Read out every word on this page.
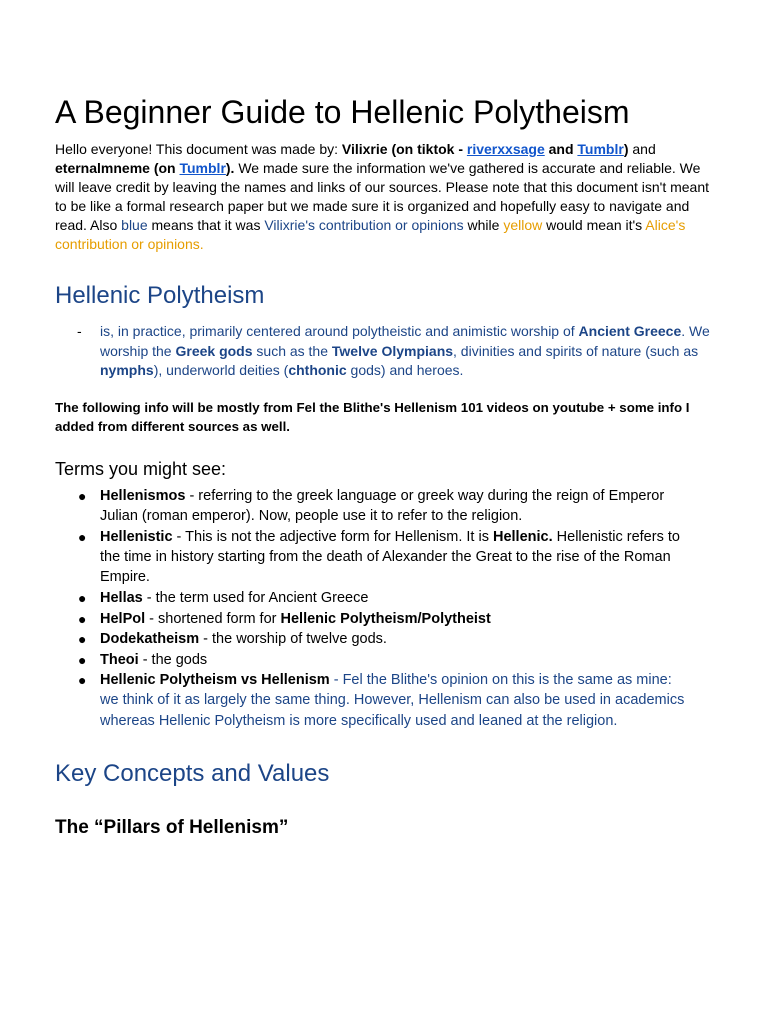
A Beginner Guide to Hellenic Polytheism
Hello everyone! This document was made by: Vilixrie (on tiktok - riverxxsage and Tumblr) and
eternalmneme (on Tumblr). We made sure the information we've gathered is accurate and reliable. We
will leave credit by leaving the names and links of our sources. Please note that this document isn't meant
to be like a formal research paper but we made sure it is organized and hopefully easy to navigate and
read. Also blue means that it was Vilixrie's contribution or opinions while yellow would mean it's Alice's
contribution or opinions.
Hellenic Polytheism
- is, in practice, primarily centered around polytheistic and animistic worship of Ancient Greece. We
worship the Greek gods such as the Twelve Olympians, divinities and spirits of nature (such as
nymphs), underworld deities (chthonic gods) and heroes.
The following info will be mostly from Fel the Blithe's Hellenism 101 videos on youtube + some info I
added from different sources as well.
Terms you might see:
● Hellenismos - referring to the greek language or greek way during the reign of Emperor
Julian (roman emperor). Now, people use it to refer to the religion.
● Hellenistic - This is not the adjective form for Hellenism. It is Hellenic. Hellenistic refers to
the time in history starting from the death of Alexander the Great to the rise of the Roman
Empire.
● Hellas - the term used for Ancient Greece
● HelPol - shortened form for Hellenic Polytheism/Polytheist
● Dodekatheism - the worship of twelve gods.
● Theoi - the gods
● Hellenic Polytheism vs Hellenism - Fel the Blithe's opinion on this is the same as mine:
we think of it as largely the same thing. However, Hellenism can also be used in academics
whereas Hellenic Polytheism is more specifically used and leaned at the religion.
Key Concepts and Values
The “Pillars of Hellenism”
